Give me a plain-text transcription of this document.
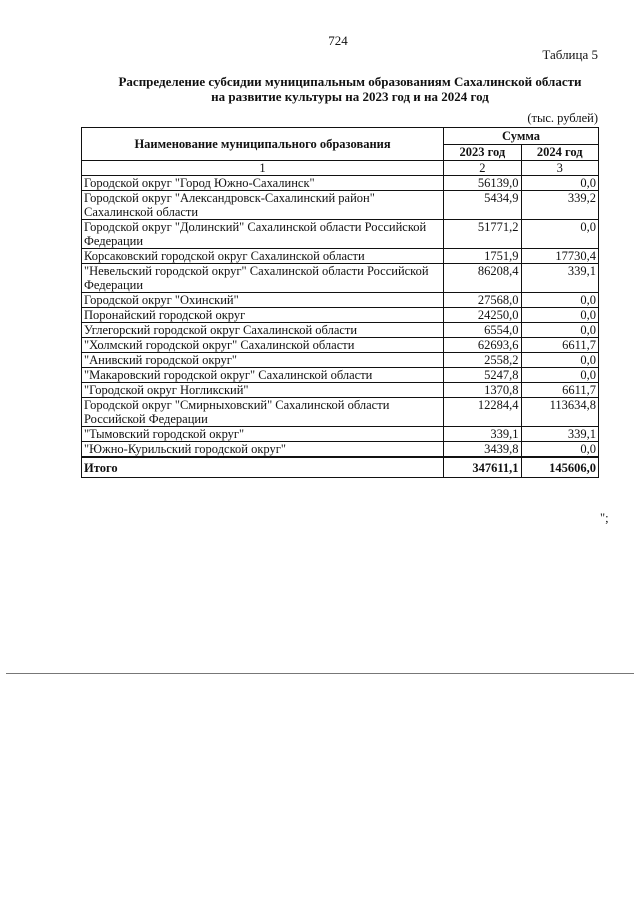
724
Таблица 5
Распределение субсидии муниципальным образованиям Сахалинской области
на развитие культуры на 2023 год и на 2024 год
(тыс. рублей)
Наименование муниципального образования	Сумма	
	2023 год	2024 год
1	2	3
Городской округ "Город Южно-Сахалинск"	56139,0	0,0
Городской округ "Александровск-Сахалинский район" Сахалинской области	5434,9	339,2
Городской округ "Долинский" Сахалинской области Российской Федерации	51771,2	0,0
Корсаковский городской округ Сахалинской области	1751,9	17730,4
"Невельский городской округ" Сахалинской области Российской Федерации	86208,4	339,1
Городской округ "Охинский"	27568,0	0,0
Поронайский городской округ	24250,0	0,0
Углегорский городской округ Сахалинской области	6554,0	0,0
"Холмский городской округ" Сахалинской области	62693,6	6611,7
"Анивский городской округ"	2558,2	0,0
"Макаровский городской округ" Сахалинской области	5247,8	0,0
"Городской округ Ногликский"	1370,8	6611,7
Городской округ "Смирныховский" Сахалинской области Российской Федерации	12284,4	113634,8
"Тымовский городской округ"	339,1	339,1
"Южно-Курильский городской округ"	3439,8	0,0
Итого	347611,1	145606,0
";
